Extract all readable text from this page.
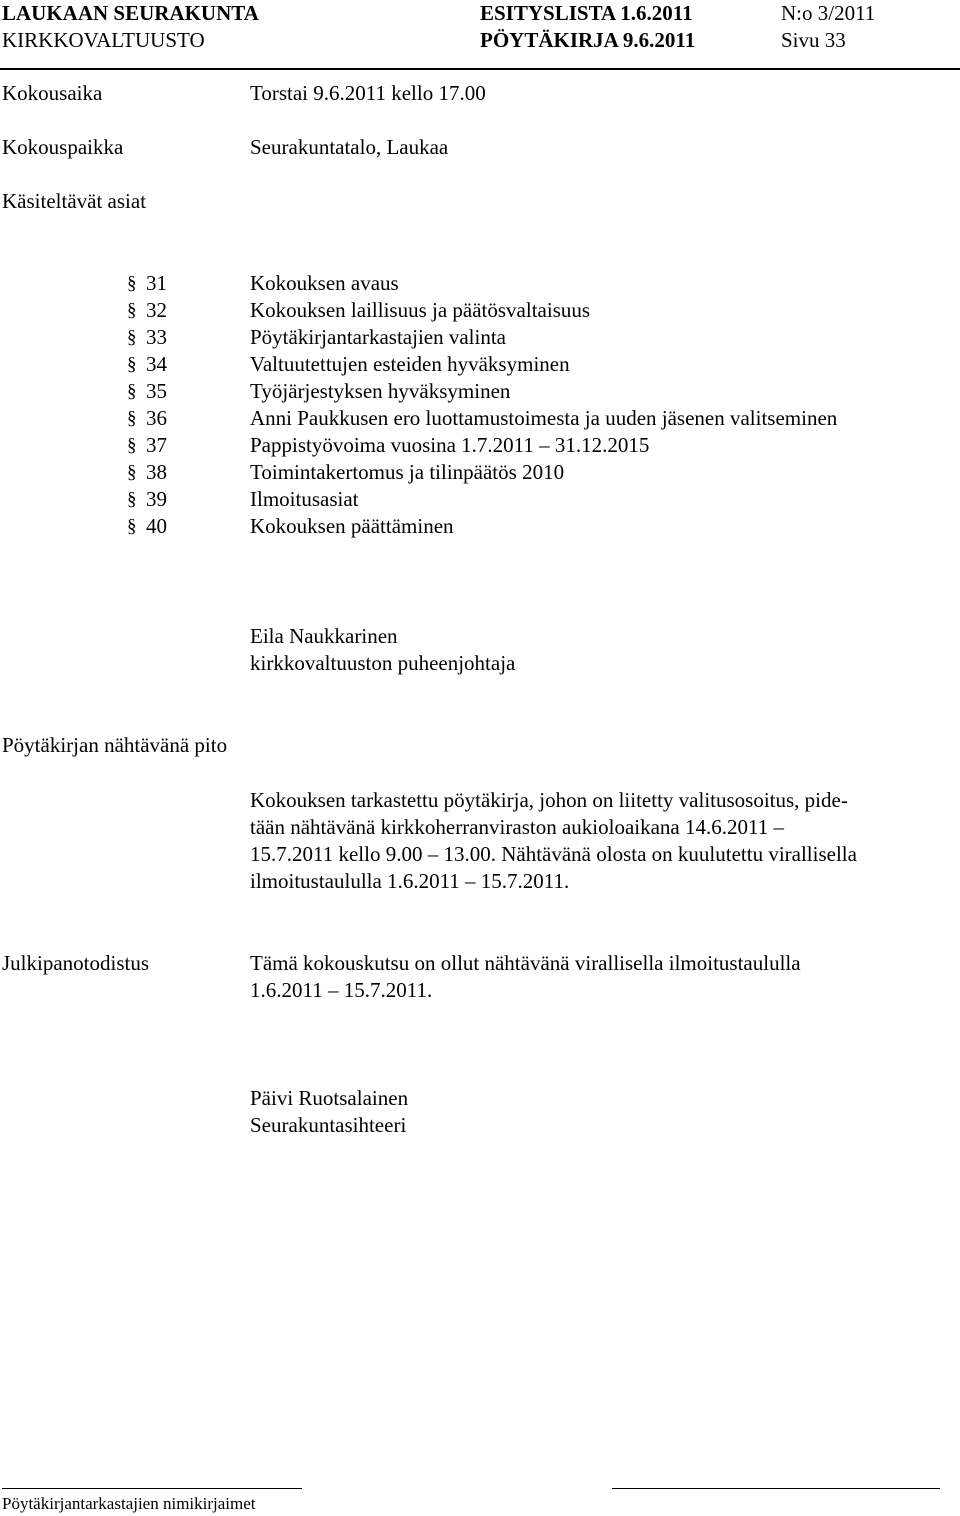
LAUKAAN SEURAKUNTA	ESITYSLISTA 1.6.2011	N:o 3/2011
KIRKKOVALTUUSTO	PÖYTÄKIRJA 9.6.2011	Sivu 33
Kokousaika	Torstai 9.6.2011 kello 17.00
Kokouspaikka	Seurakuntatalo, Laukaa
Käsiteltävät asiat
§ 31	Kokouksen avaus
§ 32	Kokouksen laillisuus ja päätösvaltaisuus
§ 33	Pöytäkirjantarkastajien valinta
§ 34	Valtuutettujen esteiden hyväksyminen
§ 35	Työjärjestyksen hyväksyminen
§ 36	Anni Paukkusen ero luottamustoimesta ja uuden jäsenen valitseminen
§ 37	Pappistyövoima vuosina 1.7.2011 – 31.12.2015
§ 38	Toimintakertomus ja tilinpäätös 2010
§ 39	Ilmoitusasiat
§ 40	Kokouksen päättäminen
Eila Naukkarinen
kirkkovaltuuston puheenjohtaja
Pöytäkirjan nähtävänä pito

Kokouksen tarkastettu pöytäkirja, johon on liitetty valitusosoitus, pide-

tään nähtävänä kirkkoherranviraston aukioloaikana 14.6.2011 –

15.7.2011 kello 9.00 – 13.00. Nähtävänä olosta on kuulutettu virallisella

ilmoitustaululla 1.6.2011 – 15.7.2011.

Julkipanotodistus	Tämä kokouskutsu on ollut nähtävänä virallisella ilmoitustaululla

1.6.2011 – 15.7.2011.

Päivi Ruotsalainen
Seurakuntasihteeri
Pöytäkirjantarkastajien nimikirjaimet
